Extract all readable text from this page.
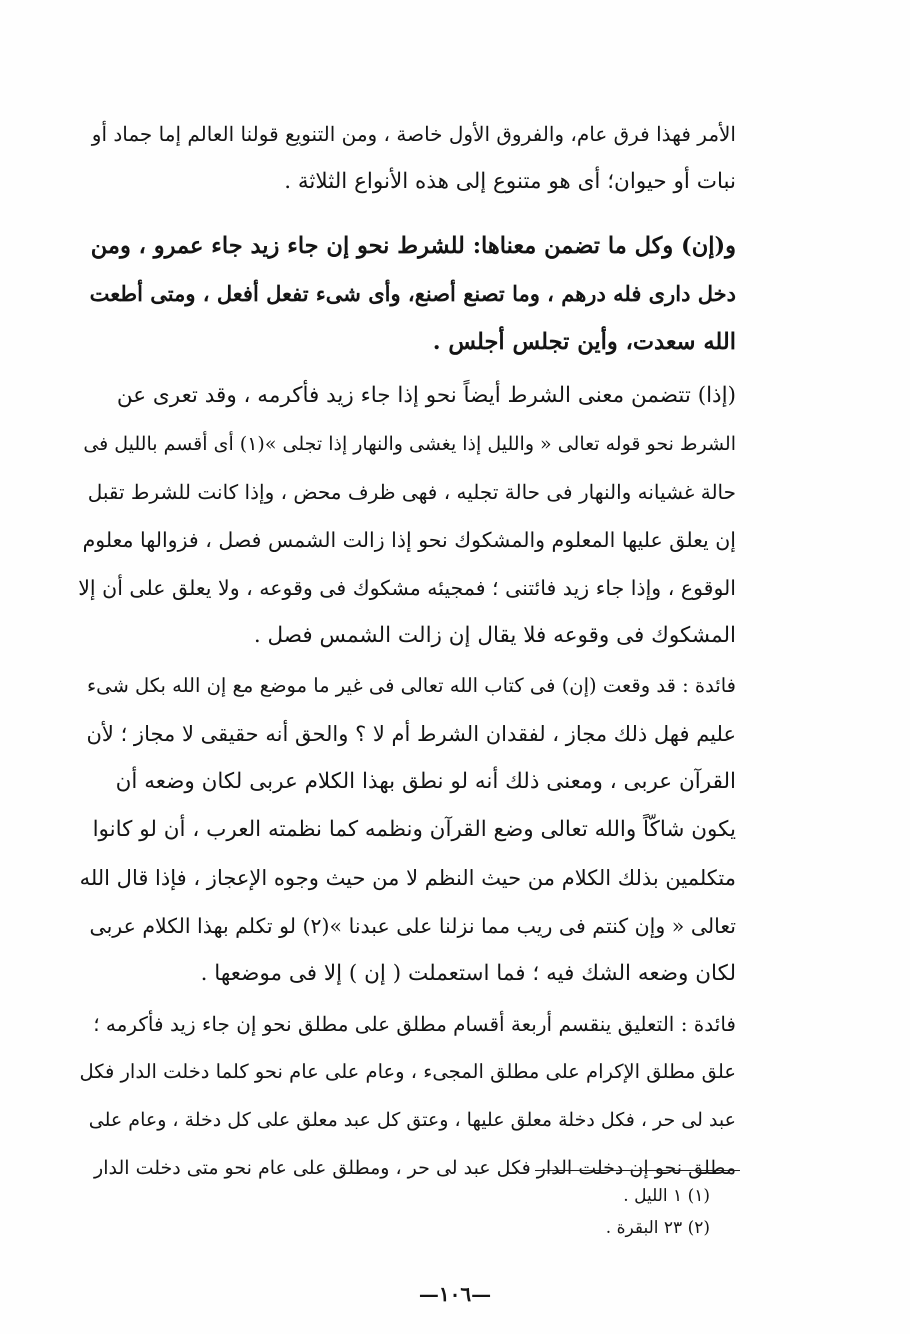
الأمر فهذا فرق عام، والفروق الأول خاصة ، ومن التنويع قولنا العالم إما جماد أو
نبات أو حيوان؛ أى هو متنوع إلى هذه الأنواع الثلاثة .
و(إن) وكل ما تضمن معناها: للشرط نحو إن جاء زيد جاء عمرو ، ومن
دخل دارى فله درهم ، وما تصنع أصنع، وأى شىء تفعل أفعل ، ومتى أطعت
الله سعدت، وأين تجلس أجلس .
(إذا) تتضمن معنى الشرط أيضاً نحو إذا جاء زيد فأكرمه ، وقد تعرى عن
الشرط نحو قوله تعالى « والليل إذا يغشى والنهار إذا تجلى »(١) أى أقسم بالليل فى
حالة غشيانه والنهار فى حالة تجليه ، فهى ظرف محض ، وإذا كانت للشرط تقبل
إن يعلق عليها المعلوم والمشكوك نحو إذا زالت الشمس فصل ، فزوالها معلوم
الوقوع ، وإذا جاء زيد فائتنى ؛ فمجيئه مشكوك فى وقوعه ، ولا يعلق على أن إلا
المشكوك فى وقوعه فلا يقال إن زالت الشمس فصل .
فائدة : قد وقعت (إن) فى كتاب الله تعالى فى غير ما موضع مع إن الله بكل شىء
عليم فهل ذلك مجاز ، لفقدان الشرط أم لا ؟ والحق أنه حقيقى لا مجاز ؛ لأن
القرآن عربى ، ومعنى ذلك أنه لو نطق بهذا الكلام عربى لكان وضعه أن
يكون شاكّاً والله تعالى وضع القرآن ونظمه كما نظمته العرب ، أن لو كانوا
متكلمين بذلك الكلام من حيث النظم لا من حيث وجوه الإعجاز ، فإذا قال الله
تعالى « وإن كنتم فى ريب مما نزلنا على عبدنا »(٢) لو تكلم بهذا الكلام عربى
لكان وضعه الشك فيه ؛ فما استعملت ( إن ) إلا فى موضعها .
فائدة : التعليق ينقسم أربعة أقسام مطلق على مطلق نحو إن جاء زيد فأكرمه ؛
علق مطلق الإكرام على مطلق المجىء ، وعام على عام نحو كلما دخلت الدار فكل
عبد لى حر ، فكل دخلة معلق عليها ، وعتق كل عبد معلق على كل دخلة ، وعام على
مطلق نحو إن دخلت الدار فكل عبد لى حر ، ومطلق على عام نحو متى دخلت الدار
(١) ١ الليل .
(٢) ٢٣ البقرة .
—١٠٦—
